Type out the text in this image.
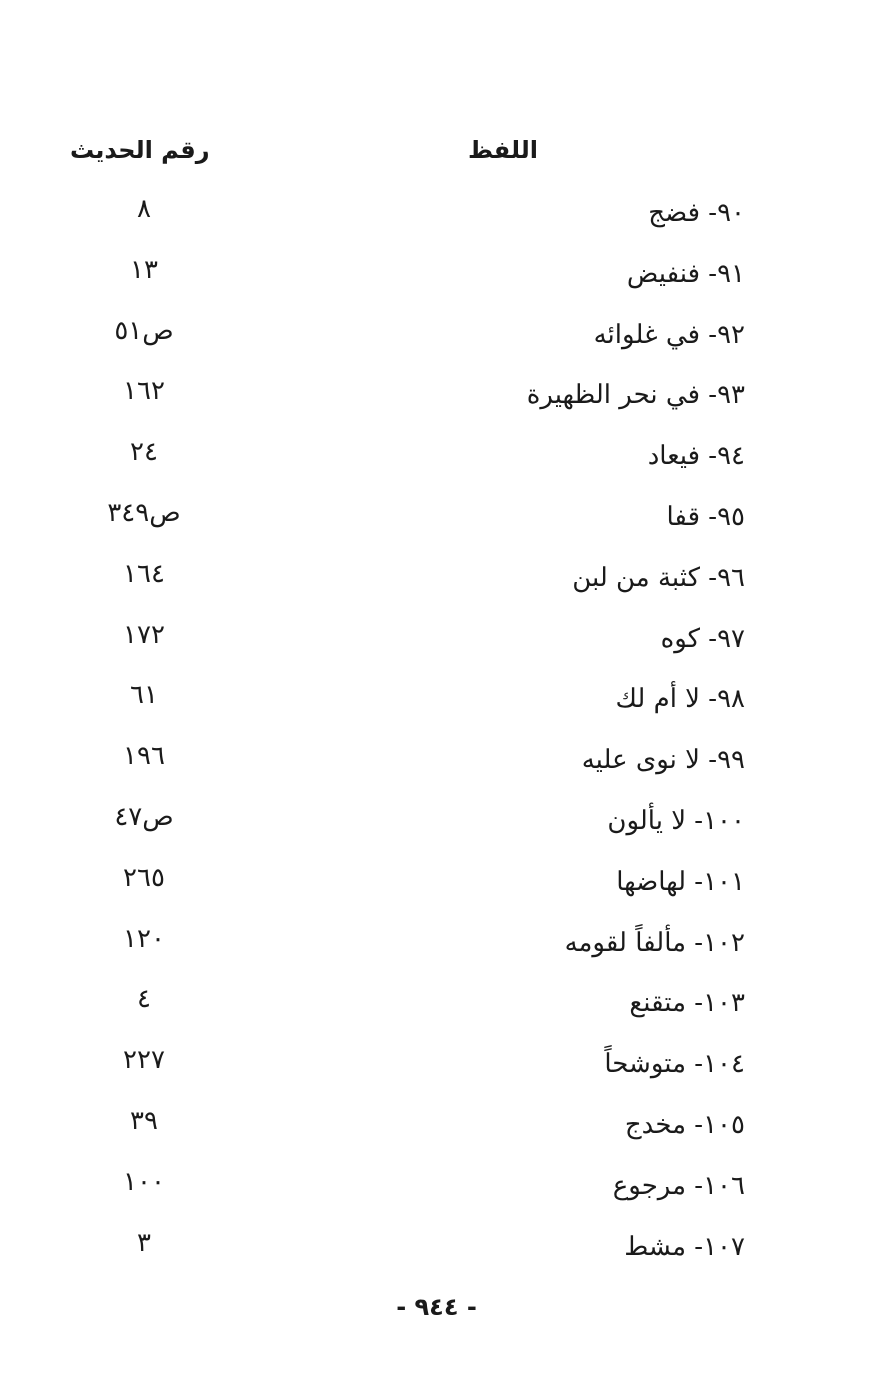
اللفظ
رقم الحديث
٩٠- فضج
٨
٩١- فنفيض
١٣
٩٢- في غلوائه
ص٥١
٩٣- في نحر الظهيرة
١٦٢
٩٤- فيعاد
٢٤
٩٥- قفا
ص٣٤٩
٩٦- كثبة من لبن
١٦٤
٩٧- كوه
١٧٢
٩٨- لا أم لك
٦١
٩٩- لا نوى عليه
١٩٦
١٠٠- لا يألون
ص٤٧
١٠١- لهاضها
٢٦٥
١٠٢- مألفاً لقومه
١٢٠
١٠٣- متقنع
٤
١٠٤- متوشحاً
٢٢٧
١٠٥- مخدج
٣٩
١٠٦- مرجوع
١٠٠
١٠٧- مشط
٣
- ٩٤٤ -
